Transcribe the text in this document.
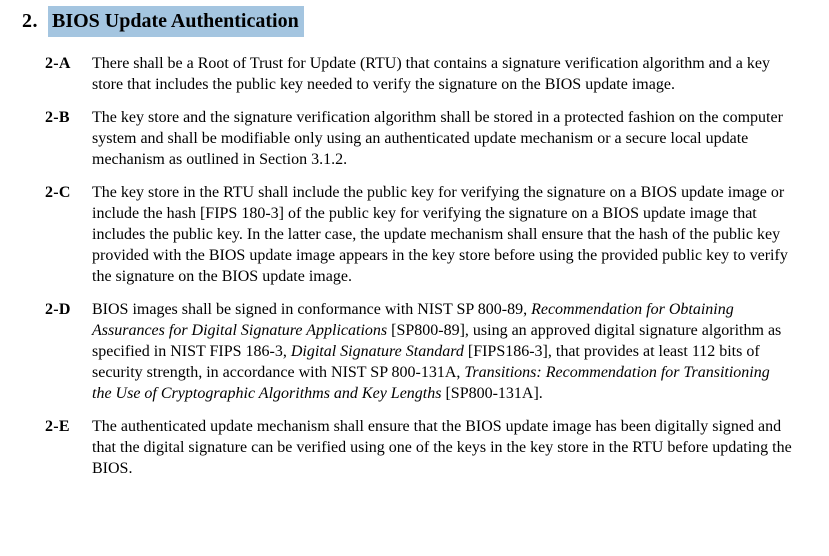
2. BIOS Update Authentication
2-A	There shall be a Root of Trust for Update (RTU) that contains a signature verification algorithm and a key store that includes the public key needed to verify the signature on the BIOS update image.
2-B	The key store and the signature verification algorithm shall be stored in a protected fashion on the computer system and shall be modifiable only using an authenticated update mechanism or a secure local update mechanism as outlined in Section 3.1.2.
2-C	The key store in the RTU shall include the public key for verifying the signature on a BIOS update image or include the hash [FIPS 180-3] of the public key for verifying the signature on a BIOS update image that includes the public key. In the latter case, the update mechanism shall ensure that the hash of the public key provided with the BIOS update image appears in the key store before using the provided public key to verify the signature on the BIOS update image.
2-D	BIOS images shall be signed in conformance with NIST SP 800-89, Recommendation for Obtaining Assurances for Digital Signature Applications [SP800-89], using an approved digital signature algorithm as specified in NIST FIPS 186-3, Digital Signature Standard [FIPS186-3], that provides at least 112 bits of security strength, in accordance with NIST SP 800-131A, Transitions: Recommendation for Transitioning the Use of Cryptographic Algorithms and Key Lengths [SP800-131A].
2-E	The authenticated update mechanism shall ensure that the BIOS update image has been digitally signed and that the digital signature can be verified using one of the keys in the key store in the RTU before updating the BIOS.
